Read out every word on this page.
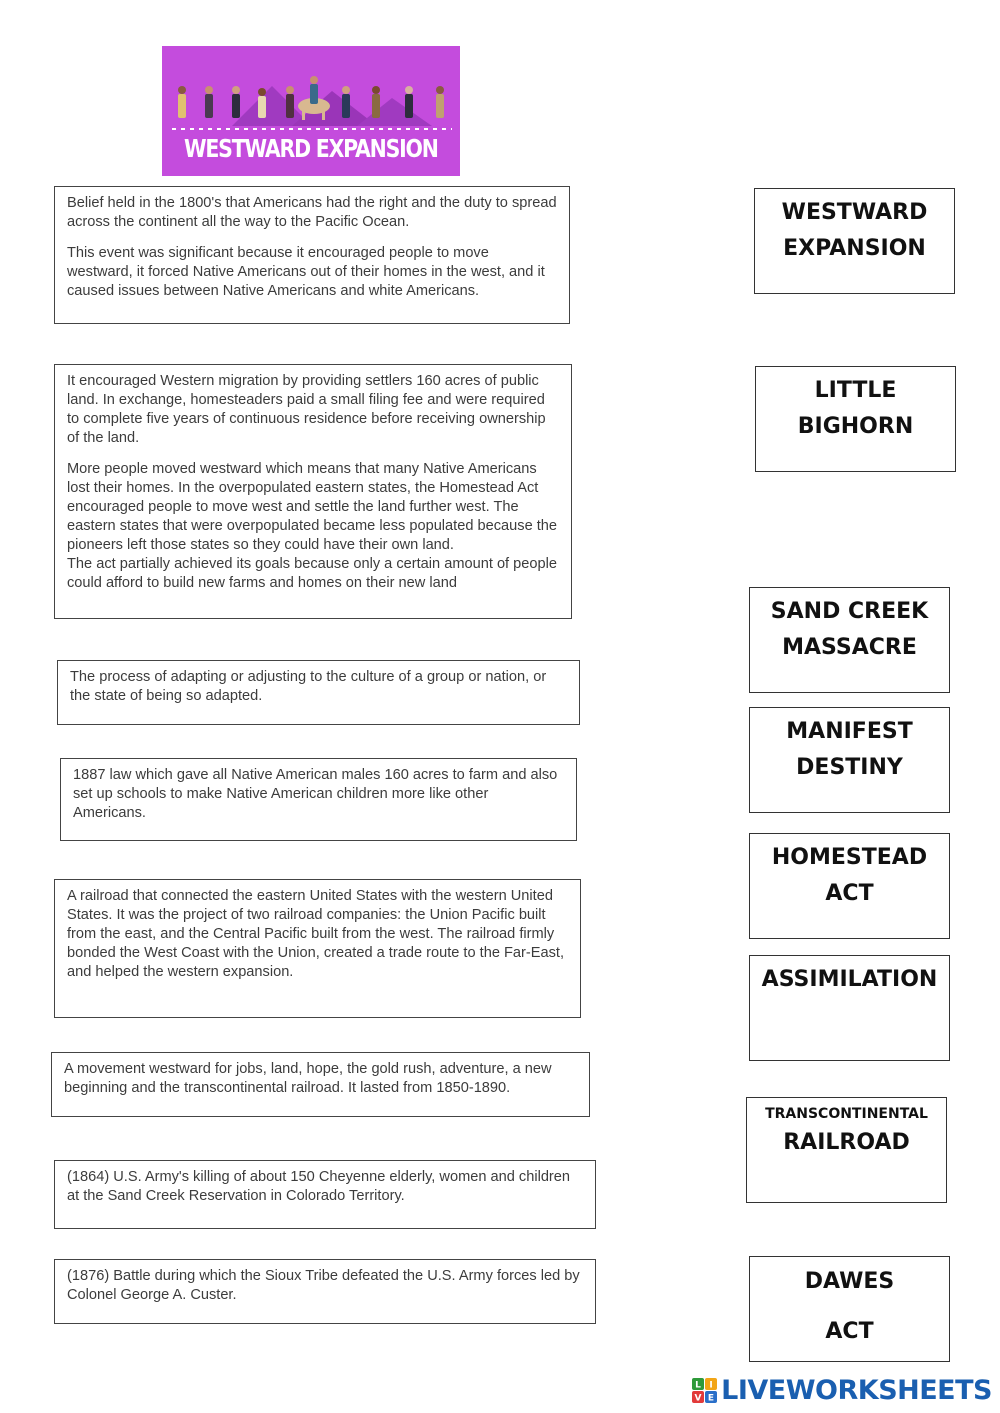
WESTWARD EXPANSION

Belief held in the 1800's that Americans had the right and the duty to spread across the continent all the way to the Pacific Ocean.

This event was significant because it encouraged people to move westward, it forced Native Americans out of their homes in the west, and it caused issues between Native Americans and white Americans.

It encouraged Western migration by providing settlers 160 acres of public land. In exchange, homesteaders paid a small filing fee and were required to complete five years of continuous residence before receiving ownership of the land.

More people moved westward which means that many Native Americans lost their homes. In the overpopulated eastern states, the Homestead Act encouraged people to move west and settle the land further west. The eastern states that were overpopulated became less populated because the pioneers left those states so they could have their own land.

The act partially achieved its goals because only a certain amount of people could afford to build new farms and homes on their new land

The process of adapting or adjusting to the culture of a group or nation, or the state of being so adapted.

1887 law which gave all Native American males 160 acres to farm and also set up schools to make Native American children more like other Americans.

A railroad that connected the eastern United States with the western United States. It was the project of two railroad companies: the Union Pacific built from the east, and the Central Pacific built from the west. The railroad firmly bonded the West Coast with the Union, created a trade route to the Far-East, and helped the western expansion.

A movement westward for jobs, land, hope, the gold rush, adventure, a new beginning and the transcontinental railroad. It lasted from 1850-1890.

(1864) U.S. Army's killing of about 150 Cheyenne elderly, women and children at the Sand Creek Reservation in Colorado Territory.

(1876) Battle during which the Sioux Tribe defeated the U.S. Army forces led by Colonel George A. Custer.

WESTWARD
EXPANSION
LITTLE
BIGHORN
SAND CREEK
MASSACRE
MANIFEST
DESTINY
HOMESTEAD
ACT
ASSIMILATION
TRANSCONTINENTAL
RAILROAD
DAWES
ACT
L I
V E LIVEWORKSHEETS
